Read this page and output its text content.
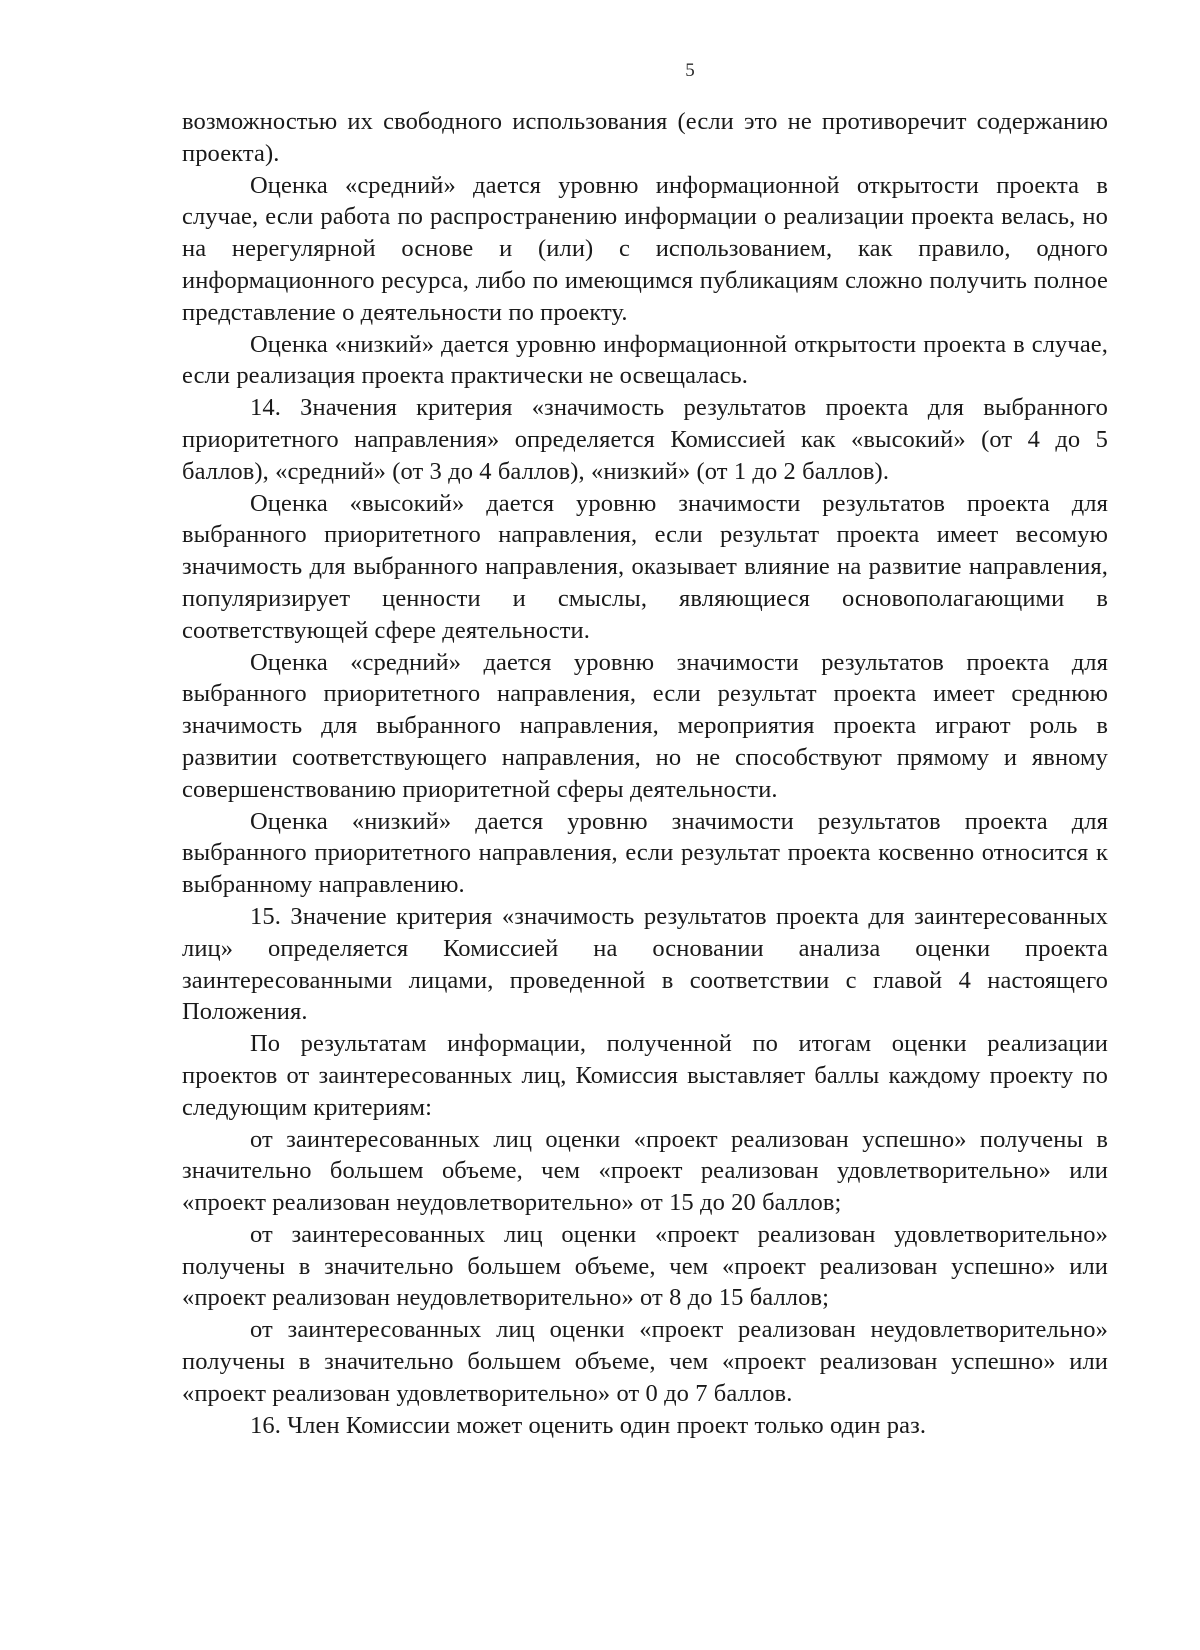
5

возможностью их свободного использования (если это не противоречит содержанию проекта).

Оценка «средний» дается уровню информационной открытости проекта в случае, если работа по распространению информации о реализации проекта велась, но на нерегулярной основе и (или) с использованием, как правило, одного информационного ресурса, либо по имеющимся публикациям сложно получить полное представление о деятельности по проекту.

Оценка «низкий» дается уровню информационной открытости проекта в случае, если реализация проекта практически не освещалась.

14. Значения критерия «значимость результатов проекта для выбранного приоритетного направления» определяется Комиссией как «высокий» (от 4 до 5 баллов), «средний» (от 3 до 4 баллов), «низкий» (от 1 до 2 баллов).

Оценка «высокий» дается уровню значимости результатов проекта для выбранного приоритетного направления, если результат проекта имеет весомую значимость для выбранного направления, оказывает влияние на развитие направления, популяризирует ценности и смыслы, являющиеся основополагающими в соответствующей сфере деятельности.

Оценка «средний» дается уровню значимости результатов проекта для выбранного приоритетного направления, если результат проекта имеет среднюю значимость для выбранного направления, мероприятия проекта играют роль в развитии соответствующего направления, но не способствуют прямому и явному совершенствованию приоритетной сферы деятельности.

Оценка «низкий» дается уровню значимости результатов проекта для выбранного приоритетного направления, если результат проекта косвенно относится к выбранному направлению.

15. Значение критерия «значимость результатов проекта для заинтересованных лиц» определяется Комиссией на основании анализа оценки проекта заинтересованными лицами, проведенной в соответствии с главой 4 настоящего Положения.

По результатам информации, полученной по итогам оценки реализации проектов от заинтересованных лиц, Комиссия выставляет баллы каждому проекту по следующим критериям:

от заинтересованных лиц оценки «проект реализован успешно» получены в значительно большем объеме, чем «проект реализован удовлетворительно» или «проект реализован неудовлетворительно» от 15 до 20 баллов;

от заинтересованных лиц оценки «проект реализован удовлетворительно» получены в значительно большем объеме, чем «проект реализован успешно» или «проект реализован неудовлетворительно» от 8 до 15 баллов;

от заинтересованных лиц оценки «проект реализован неудовлетворительно» получены в значительно большем объеме, чем «проект реализован успешно» или «проект реализован удовлетворительно» от 0 до 7 баллов.

16. Член Комиссии может оценить один проект только один раз.
